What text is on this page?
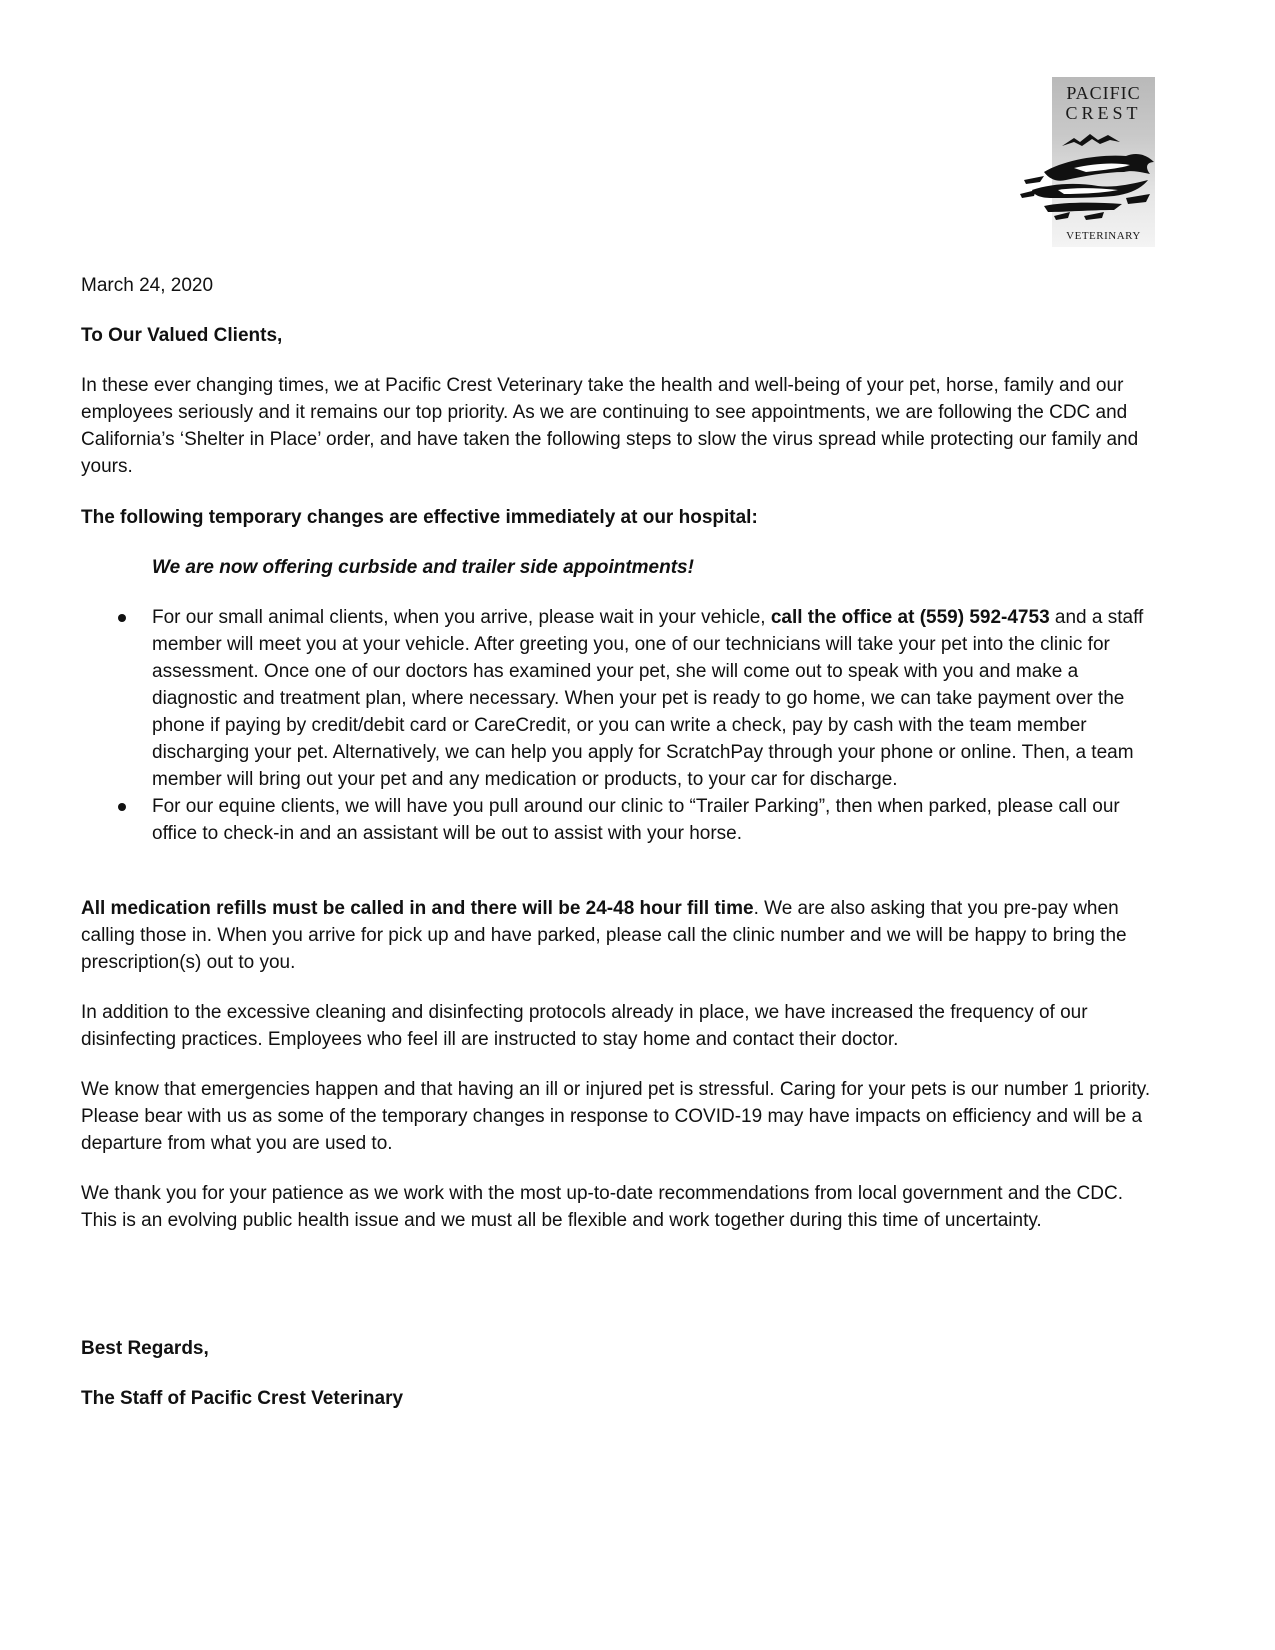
PACIFIC
CREST
VETERINARY
March 24, 2020
To Our Valued Clients,

In these ever changing times, we at Pacific Crest Veterinary take the health and well-being of your pet, horse, family and our employees seriously and it remains our top priority. As we are continuing to see appointments, we are following the CDC and California’s ‘Shelter in Place’ order, and have taken the following steps to slow the virus spread while protecting our family and yours.

The following temporary changes are effective immediately at our hospital:
We are now offering curbside and trailer side appointments!
For our small animal clients, when you arrive, please wait in your vehicle, call the office at (559) 592-4753 and a staff member will meet you at your vehicle. After greeting you, one of our technicians will take your pet into the clinic for assessment. Once one of our doctors has examined your pet, she will come out to speak with you and make a diagnostic and treatment plan, where necessary. When your pet is ready to go home, we can take payment over the phone if paying by credit/debit card or CareCredit, or you can write a check, pay by cash with the team member discharging your pet. Alternatively, we can help you apply for ScratchPay through your phone or online. Then, a team member will bring out your pet and any medication or products, to your car for discharge.
For our equine clients, we will have you pull around our clinic to “Trailer Parking”, then when parked, please call our office to check-in and an assistant will be out to assist with your horse.

All medication refills must be called in and there will be 24-48 hour fill time. We are also asking that you pre-pay when calling those in. When you arrive for pick up and have parked, please call the clinic number and we will be happy to bring the prescription(s) out to you.

In addition to the excessive cleaning and disinfecting protocols already in place, we have increased the frequency of our disinfecting practices. Employees who feel ill are instructed to stay home and contact their doctor.

We know that emergencies happen and that having an ill or injured pet is stressful. Caring for your pets is our number 1 priority. Please bear with us as some of the temporary changes in response to COVID-19 may have impacts on efficiency and will be a departure from what you are used to.

We thank you for your patience as we work with the most up-to-date recommendations from local government and the CDC. This is an evolving public health issue and we must all be flexible and work together during this time of uncertainty.

Best Regards,
The Staff of Pacific Crest Veterinary
